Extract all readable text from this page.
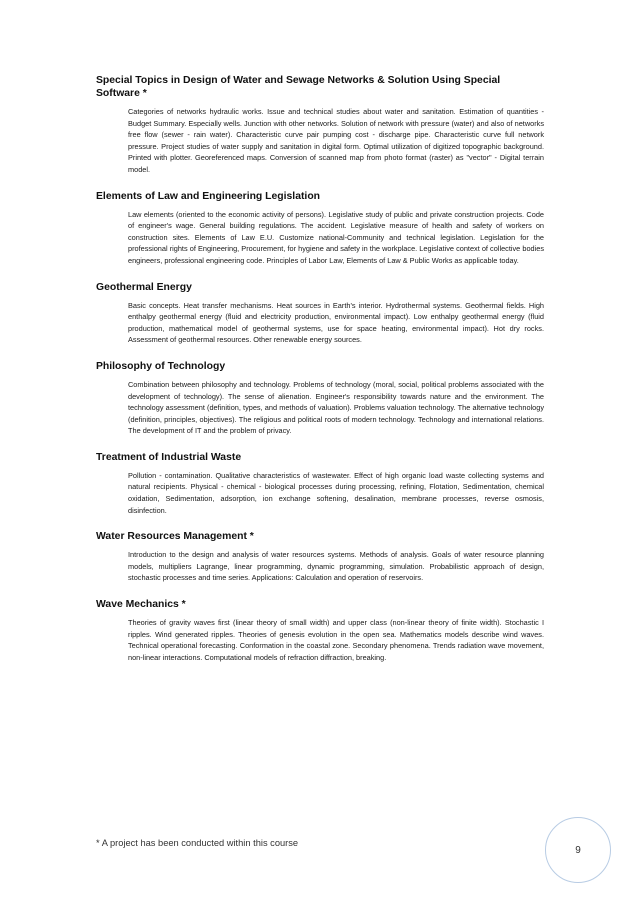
Special Topics in Design of Water and Sewage Networks & Solution Using Special Software *

Categories of networks hydraulic works. Issue and technical studies about water and sanitation. Estimation of quantities - Budget Summary. Especially wells. Junction with other networks. Solution of network with pressure (water) and also of networks free flow (sewer - rain water). Characteristic curve pair pumping cost - discharge pipe. Characteristic curve full network pressure. Project studies of water supply and sanitation in digital form. Optimal utilization of digitized topographic background. Printed with plotter. Georeferenced maps. Conversion of scanned map from photo format (raster) as "vector" - Digital terrain model.

Elements of Law and Engineering Legislation

Law elements (oriented to the economic activity of persons). Legislative study of public and private construction projects. Code of engineer's wage. General building regulations. The accident. Legislative measure of health and safety of workers on construction sites. Elements of Law E.U. Customize national-Community and technical legislation. Legislation for the professional rights of Engineering, Procurement, for hygiene and safety in the workplace. Legislative context of collective bodies engineers, professional engineering code. Principles of Labor Law, Elements of Law & Public Works as applicable today.

Geothermal Energy

Basic concepts. Heat transfer mechanisms. Heat sources in Earth's interior. Hydrothermal systems. Geothermal fields. High enthalpy geothermal energy (fluid and electricity production, environmental impact). Low enthalpy geothermal energy (fluid production, mathematical model of geothermal systems, use for space heating, environmental impact). Hot dry rocks. Assessment of geothermal resources. Other renewable energy sources.

Philosophy of Technology

Combination between philosophy and technology. Problems of technology (moral, social, political problems associated with the development of technology). The sense of alienation. Engineer's responsibility towards nature and the environment. The technology assessment (definition, types, and methods of valuation). Problems valuation technology. The alternative technology (definition, principles, objectives). The religious and political roots of modern technology. Technology and international relations. The development of IT and the problem of privacy.

Treatment of Industrial Waste

Pollution - contamination. Qualitative characteristics of wastewater. Effect of high organic load waste collecting systems and natural recipients. Physical - chemical - biological processes during processing, refining, Flotation, Sedimentation, chemical oxidation, Sedimentation, adsorption, ion exchange softening, desalination, membrane processes, reverse osmosis, disinfection.

Water Resources Management *

Introduction to the design and analysis of water resources systems. Methods of analysis. Goals of water resource planning models, multipliers Lagrange, linear programming, dynamic programming, simulation. Probabilistic approach of design, stochastic processes and time series. Applications: Calculation and operation of reservoirs.

Wave Mechanics *

Theories of gravity waves first (linear theory of small width) and upper class (non-linear theory of finite width). Stochastic I ripples. Wind generated ripples. Theories of genesis evolution in the open sea. Mathematics models describe wind waves. Technical operational forecasting. Conformation in the coastal zone. Secondary phenomena. Trends radiation wave movement, non-linear interactions. Computational models of refraction diffraction, breaking.

* A project has been conducted within this course

9
